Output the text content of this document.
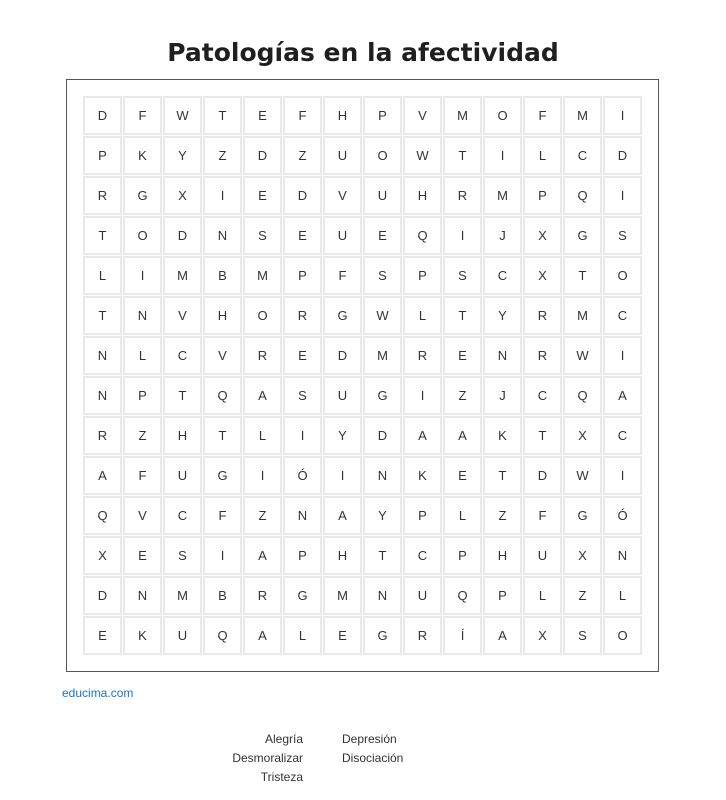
Patologías en la afectividad
D	F	W	T	E	F	H	P	V	M	O	F	M	I
P	K	Y	Z	D	Z	U	O	W	T	I	L	C	D
R	G	X	I	E	D	V	U	H	R	M	P	Q	I
T	O	D	N	S	E	U	E	Q	I	J	X	G	S
L	I	M	B	M	P	F	S	P	S	C	X	T	O
T	N	V	H	O	R	G	W	L	T	Y	R	M	C
N	L	C	V	R	E	D	M	R	E	N	R	W	I
N	P	T	Q	A	S	U	G	I	Z	J	C	Q	A
R	Z	H	T	L	I	Y	D	A	A	K	T	X	C
A	F	U	G	I	Ó	I	N	K	E	T	D	W	I
Q	V	C	F	Z	N	A	Y	P	L	Z	F	G	Ó
X	E	S	I	A	P	H	T	C	P	H	U	X	N
D	N	M	B	R	G	M	N	U	Q	P	L	Z	L
E	K	U	Q	A	L	E	G	R	Í	A	X	S	O
educima.com
Alegría
Desmoralizar
Tristeza
Depresión
Disociación
